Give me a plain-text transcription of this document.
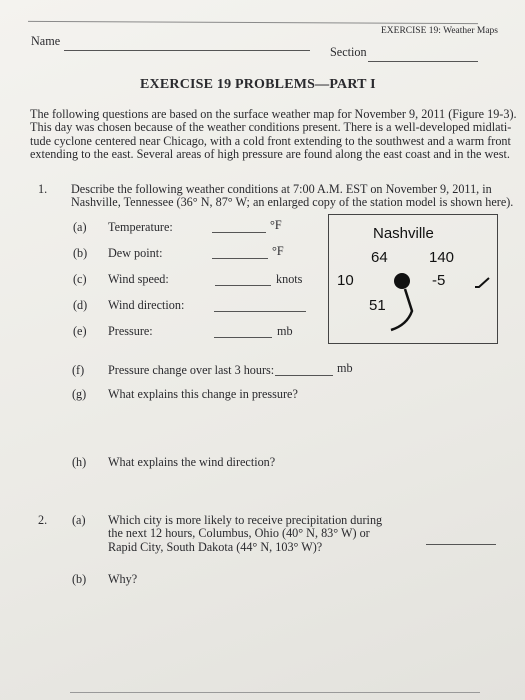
EXERCISE 19: Weather Maps
Name
Section
EXERCISE 19 PROBLEMS—PART I
The following questions are based on the surface weather map for November 9, 2011 (Figure 19-3).
This day was chosen because of the weather conditions present. There is a well-developed midlati-
tude cyclone centered near Chicago, with a cold front extending to the southwest and a warm front
extending to the east. Several areas of high pressure are found along the east coast and in the west.
1. Describe the following weather conditions at 7:00 A.M. EST on November 9, 2011, in
Nashville, Tennessee (36° N, 87° W; an enlarged copy of the station model is shown here).
(a) Temperature:	°F
(b) Dew point:	°F
(c) Wind speed:	knots
(d) Wind direction:
(e) Pressure:	mb
(f) Pressure change over last 3 hours:	mb
(g) What explains this change in pressure?
(h) What explains the wind direction?
Nashville
64	140
10	-5
51
2. (a) Which city is more likely to receive precipitation during
the next 12 hours, Columbus, Ohio (40° N, 83° W) or
Rapid City, South Dakota (44° N, 103° W)?
(b) Why?
